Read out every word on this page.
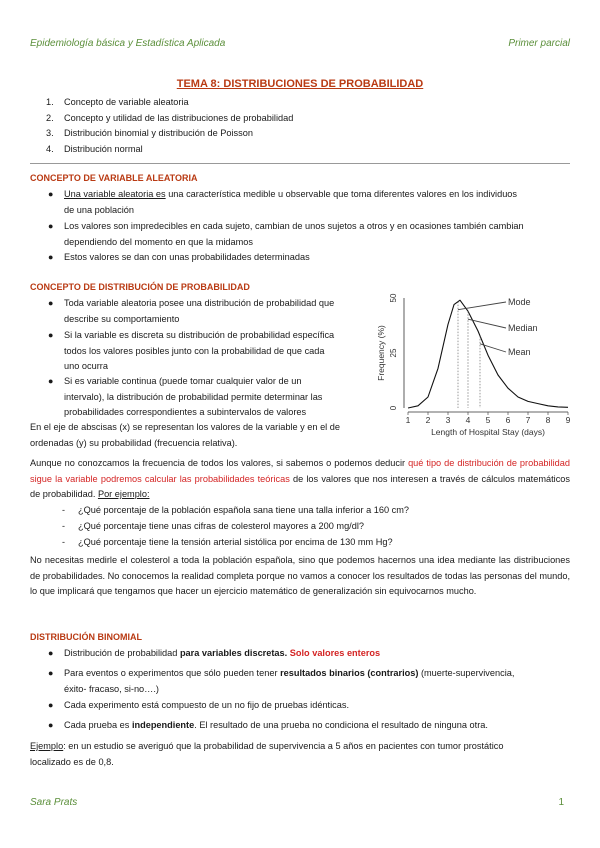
Epidemiología básica y Estadística Aplicada	Primer parcial
TEMA 8: DISTRIBUCIONES DE PROBABILIDAD
1. Concepto de variable aleatoria
2. Concepto y utilidad de las distribuciones de probabilidad
3. Distribución binomial y distribución de Poisson
4. Distribución normal
CONCEPTO DE VARIABLE ALEATORIA
● Una variable aleatoria es una característica medible u observable que toma diferentes valores en los individuos
de una población
● Los valores son impredecibles en cada sujeto, cambian de unos sujetos a otros y en ocasiones también cambian
dependiendo del momento en que la midamos
● Estos valores se dan con unas probabilidades determinadas
CONCEPTO DE DISTRIBUCIÓN DE PROBABILIDAD
● Toda variable aleatoria posee una distribución de probabilidad que
describe su comportamiento
● Si la variable es discreta su distribución de probabilidad específica
todos los valores posibles junto con la probabilidad de que cada
uno ocurra
● Si es variable continua (puede tomar cualquier valor de un
intervalo), la distribución de probabilidad permite determinar las
probabilidades correspondientes a subintervalos de valores
En el eje de abscisas (x) se representan los valores de la variable y en el de
ordenadas (y) su probabilidad (frecuencia relativa).
0
25
50
1 2 3 4 5 6 7 8 9
Length of Hospital Stay (days)
Frequency (%)
Mode
Median
Mean
Aunque no conozcamos la frecuencia de todos los valores, si sabemos o podemos deducir qué tipo de distribución de probabilidad sigue la variable podremos calcular las probabilidades teóricas de los valores que nos interesen a través de cálculos matemáticos de probabilidad. Por ejemplo:
- ¿Qué porcentaje de la población española sana tiene una talla inferior a 160 cm?
- ¿Qué porcentaje tiene unas cifras de colesterol mayores a 200 mg/dl?
- ¿Qué porcentaje tiene la tensión arterial sistólica por encima de 130 mm Hg?
No necesitas medirle el colesterol a toda la población española, sino que podemos hacernos una idea mediante las distribuciones de probabilidades. No conocemos la realidad completa porque no vamos a conocer los resultados de todas las personas del mundo, lo que implicará que tengamos que hacer un ejercicio matemático de generalización sin equivocarnos mucho.
DISTRIBUCIÓN BINOMIAL
● Distribución de probabilidad para variables discretas. Solo valores enteros
● Para eventos o experimentos que sólo pueden tener resultados binarios (contrarios) (muerte-supervivencia,
éxito- fracaso, si-no….)
● Cada experimento está compuesto de un no fijo de pruebas idénticas.
● Cada prueba es independiente. El resultado de una prueba no condiciona el resultado de ninguna otra.
Ejemplo: en un estudio se averiguó que la probabilidad de supervivencia a 5 años en pacientes con tumor prostático
localizado es de 0,8.
Sara Prats	1
